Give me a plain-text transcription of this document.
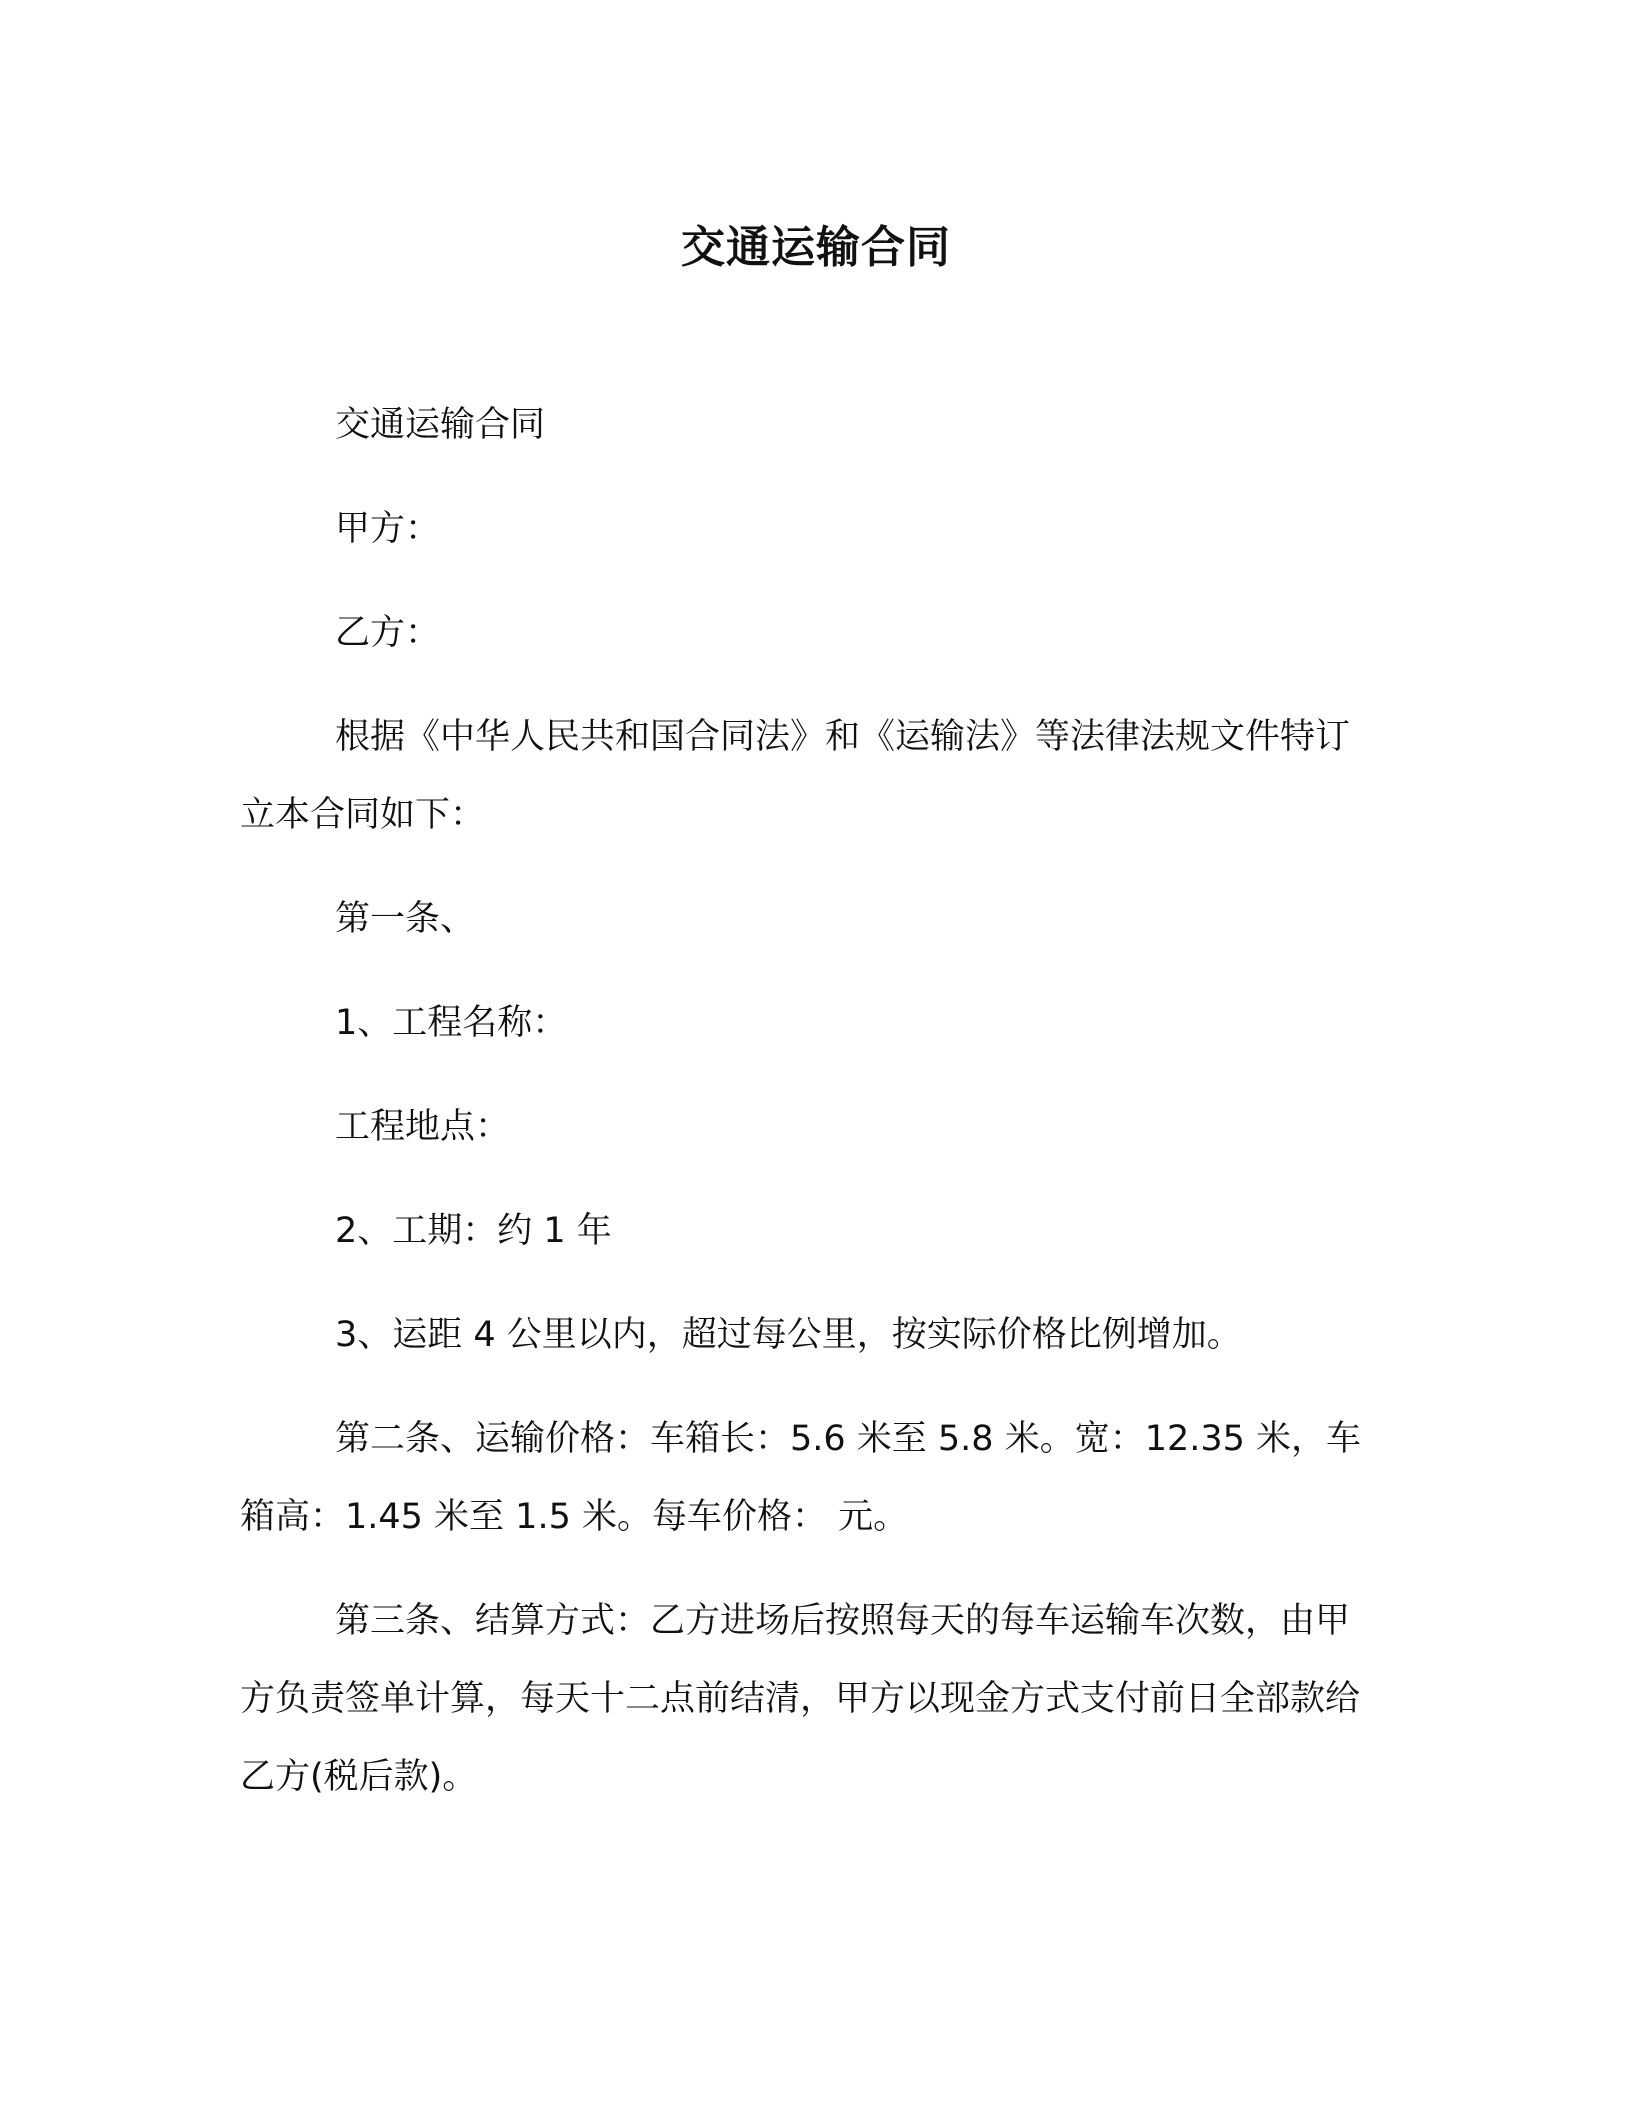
交通运输合同

交通运输合同

甲方：

乙方：

根据《中华人民共和国合同法》和《运输法》等法律法规文件特订立本合同如下：

第一条、

1、工程名称：

工程地点：

2、工期：约 1 年

3、运距 4 公里以内，超过每公里，按实际价格比例增加。

第二条、运输价格：车箱长：5.6 米至 5.8 米。宽：12.35 米，车箱高：1.45 米至 1.5 米。每车价格： 元。

第三条、结算方式：乙方进场后按照每天的每车运输车次数，由甲方负责签单计算，每天十二点前结清，甲方以现金方式支付前日全部款给乙方(税后款)。
